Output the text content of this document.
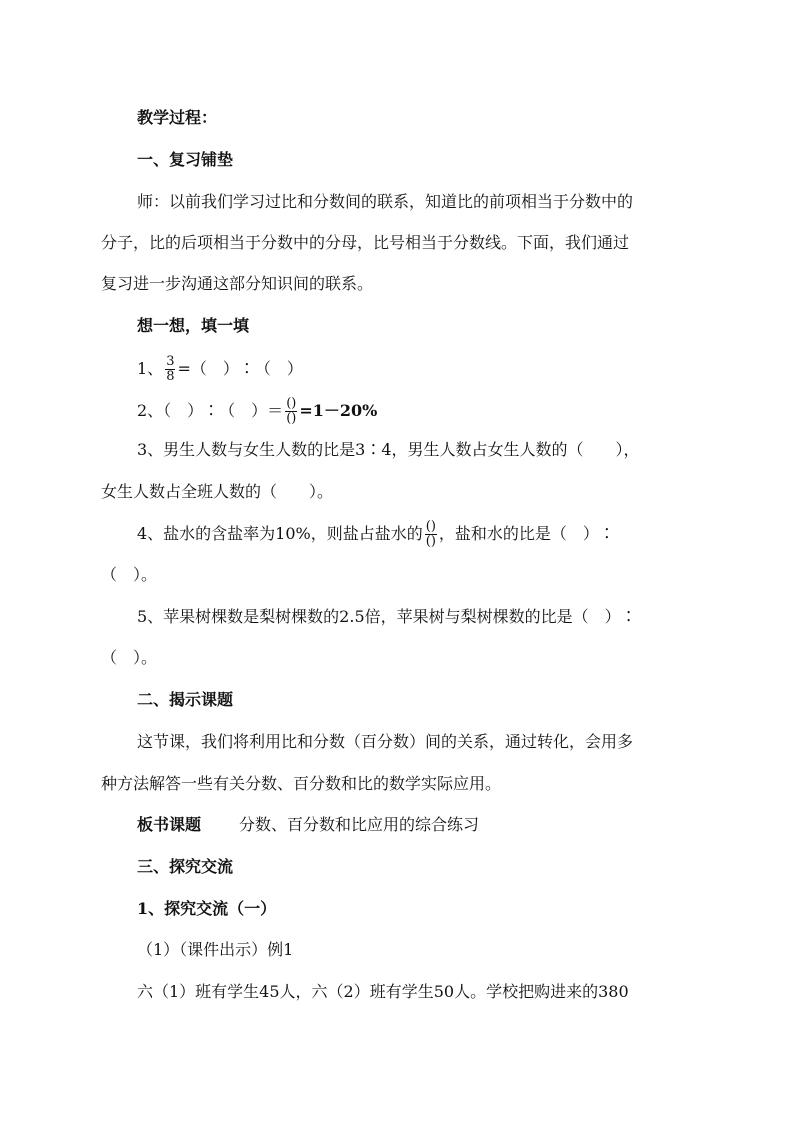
教学过程：
一、复习铺垫
师：以前我们学习过比和分数间的联系，知道比的前项相当于分数中的
分子，比的后项相当于分数中的分母，比号相当于分数线。下面，我们通过
复习进一步沟通这部分知识间的联系。
想一想，填一填
1、 $\frac{3}{8}$ =（　）∶（　）
2、（　）∶（　）＝ $\frac{()}{()} =1-20\%$
3、男生人数与女生人数的比是3∶4，男生人数占女生人数的（　　），
女生人数占全班人数的（　　）。
4、盐水的含盐率为10%，则盐占盐水的 $\frac{()}{()}$ ，盐和水的比是（　）∶
（　）。
5、苹果树棵数是梨树棵数的2.5倍，苹果树与梨树棵数的比是（　）∶
（　）。
二、揭示课题
这节课，我们将利用比和分数（百分数）间的关系，通过转化，会用多
种方法解答一些有关分数、百分数和比的数学实际应用。
板书课题 分数、百分数和比应用的综合练习
三、探究交流
1、探究交流（一）
（1）（课件出示）例1
六（1）班有学生45人，六（2）班有学生50人。学校把购进来的380
